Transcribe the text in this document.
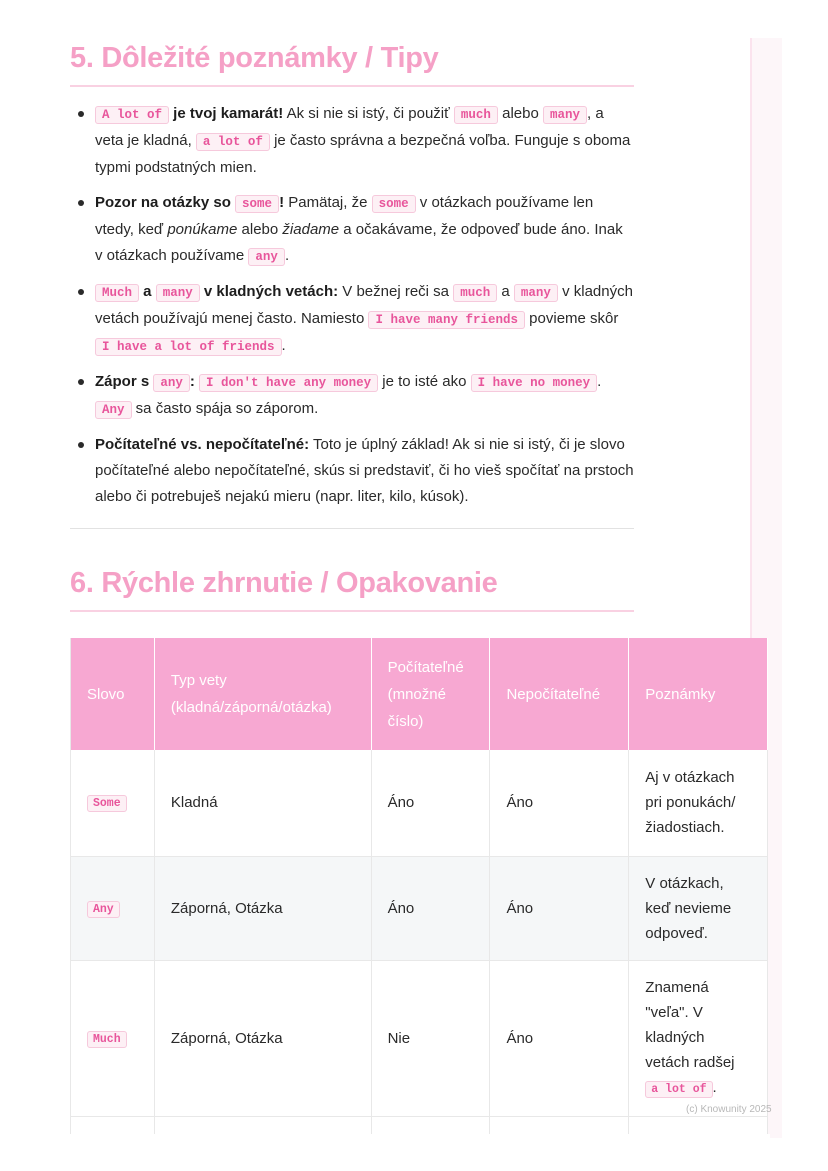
5. Dôležité poznámky / Tipy
A lot of je tvoj kamarát! Ak si nie si istý, či použiť much alebo many , a veta je kladná, a lot of je často správna a bezpečná voľba. Funguje s oboma typmi podstatných mien.
Pozor na otázky so some ! Pamätaj, že some v otázkach používame len vtedy, keď ponúkame alebo žiadame a očakávame, že odpoveď bude áno. Inak v otázkach používame any .
Much a many v kladných vetách: V bežnej reči sa much a many v kladných vetách používajú menej často. Namiesto I have many friends povieme skôr I have a lot of friends .
Zápor s any : I don't have any money je to isté ako I have no money . Any sa často spája so záporom.
Počítateľné vs. nepočítateľné: Toto je úplný základ! Ak si nie si istý, či je slovo počítateľné alebo nepočítateľné, skús si predstaviť, či ho vieš spočítať na prstoch alebo či potrebuješ nejakú mieru (napr. liter, kilo, kúsok).
6. Rýchle zhrnutie / Opakovanie
Slovo	Typ vety (kladná/záporná/otázka)	Počítateľné (množné číslo)	Nepočítateľné	Poznámky
Some	Kladná	Áno	Áno	Aj v otázkach pri ponukách/ žiadostiach.
Any	Záporná, Otázka	Áno	Áno	V otázkach, keď nevieme odpoveď.
Much	Záporná, Otázka	Nie	Áno	Znamená "veľa". V kladných vetách radšej a lot of .

(c) Knowunity 2025
